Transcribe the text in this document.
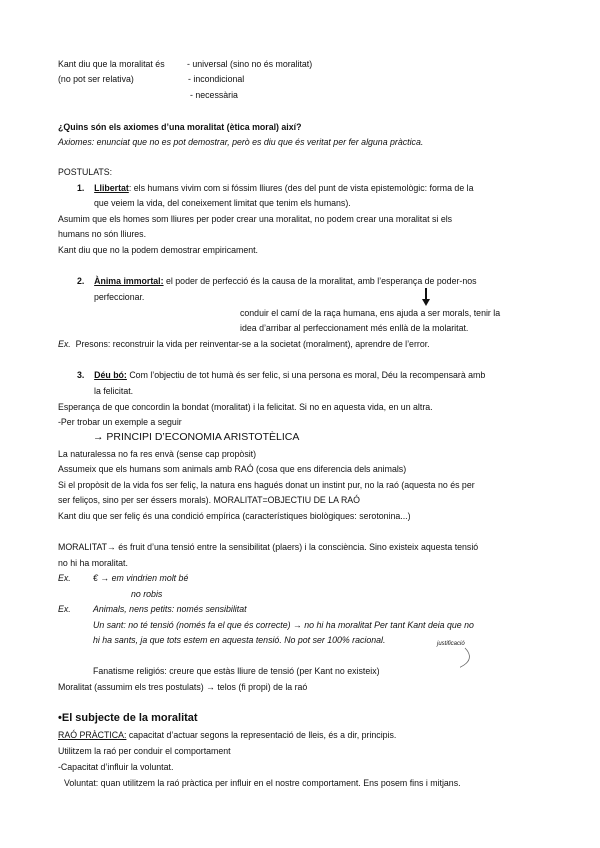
Kant diu que la moralitat és	- universal (sino no és moralitat)
(no pot ser relativa)	- incondicional
- necessària
¿Quins són els axiomes d’una moralitat (ètica moral) així?
Axiomes: enunciat que no es pot demostrar, però es diu que és veritat per fer alguna pràctica.
POSTULATS:
1. Llibertat: els humans vivim com si fóssim lliures (des del punt de vista epistemològic: forma de la
que veiem la vida, del coneixement limitat que tenim els humans).
Asumim que els homes som lliures per poder crear una moralitat, no podem crear una moralitat si els
humans no són lliures.
Kant diu que no la podem demostrar empiricament.
2. Ànima immortal: el poder de perfecció és la causa de la moralitat, amb l’esperança de poder-nos
perfeccionar.
conduir el camí de la raça humana, ens ajuda a ser morals, tenir la
idea d’arribar al perfeccionament més enllà de la molaritat.
Ex. Presons: reconstruir la vida per reinventar-se a la societat (moralment), aprendre de l’error.
3. Déu bó: Com l’objectiu de tot humà és ser felic, si una persona es moral, Déu la recompensarà amb
la felicitat.
Esperança de que concordin la bondat (moralitat) i la felicitat. Si no en aquesta vida, en un altra.
-Per trobar un exemple a seguir
→ PRINCIPI D’ECONOMIA ARISTOTÈLICA
La naturalessa no fa res envà (sense cap propòsit)
Assumeix que els humans som animals amb RAÓ (cosa que ens diferencia dels animals)
Si el propòsit de la vida fos ser feliç, la natura ens hagués donat un instint pur, no la raó (aquesta no és per
ser feliços, sino per ser éssers morals). MORALITAT=OBJECTIU DE LA RAÓ
Kant diu que ser feliç és una condició empírica (característiques biològiques: serotonina...)
MORALITAT→ és fruit d’una tensió entre la sensibilitat (plaers) i la consciència. Sino existeix aquesta tensió
no hi ha moralitat.
Ex.	€ → em vindrien molt bé
no robis
Ex.	Animals, nens petits: només sensibilitat
Un sant: no té tensió (només fa el que és correcte) → no hi ha moralitat Per tant Kant deia que no
hi ha sants, ja que tots estem en aquesta tensió. No pot ser 100% racional.	justificació
Fanatisme religiós: creure que estàs lliure de tensió (per Kant no existeix)
Moralitat (assumim els tres postulats) → telos (fi propi) de la raó
•El subjecte de la moralitat
RAÓ PRÀCTICA: capacitat d’actuar segons la representació de lleis, és a dir, principis.
Utilitzem la raó per conduir el comportament
-Capacitat d’influir la voluntat.
Voluntat: quan utilitzem la raó pràctica per influir en el nostre comportament. Ens posem fins i mitjans.
